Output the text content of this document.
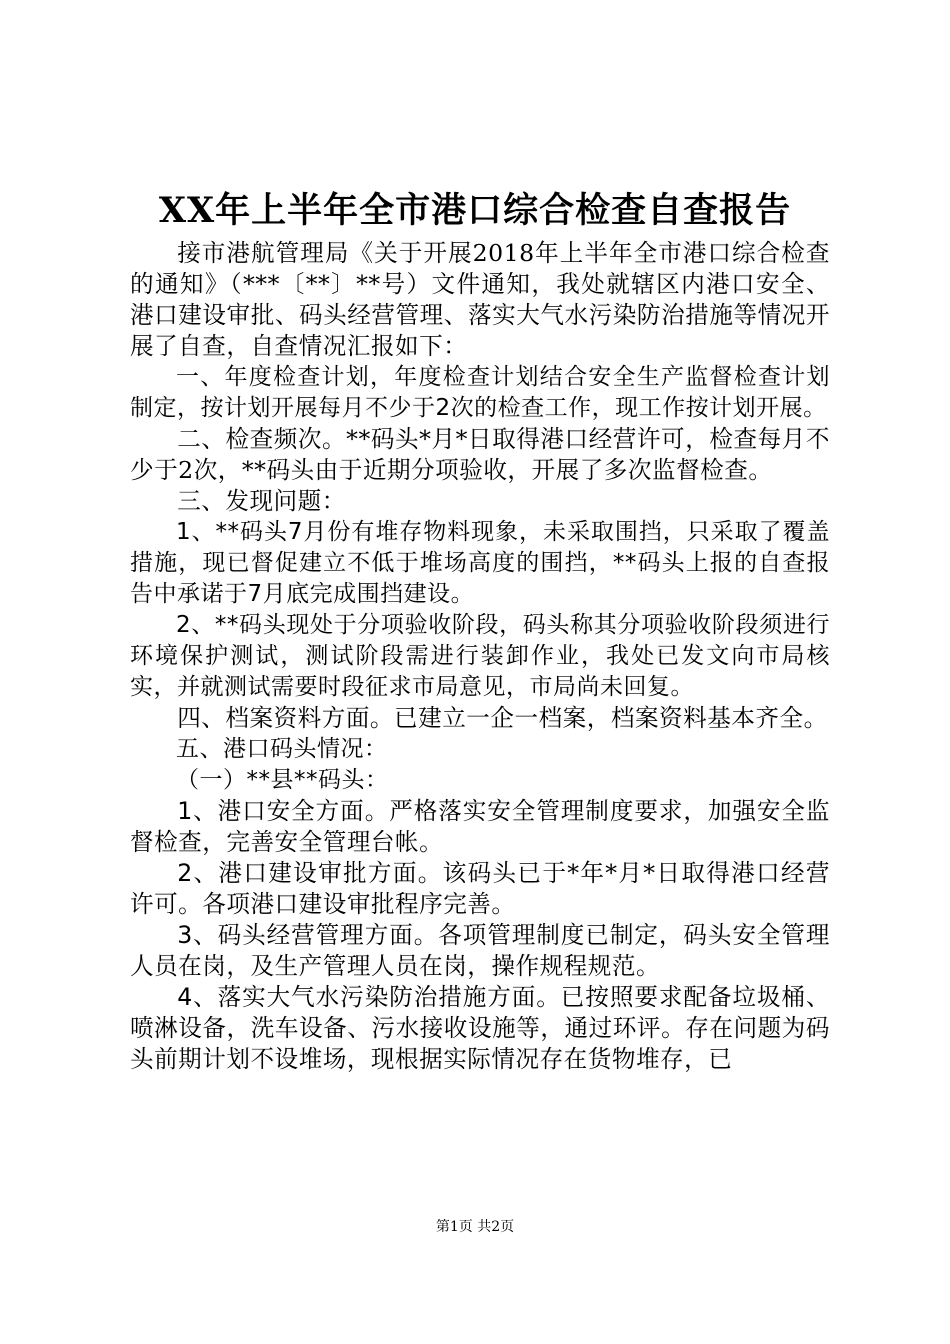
XX年上半年全市港口综合检查自查报告

接市港航管理局《关于开展2018年上半年全市港口综合检查的通知》（***〔**〕**号）文件通知，我处就辖区内港口安全、港口建设审批、码头经营管理、落实大气水污染防治措施等情况开展了自查，自查情况汇报如下：

一、年度检查计划，年度检查计划结合安全生产监督检查计划制定，按计划开展每月不少于2次的检查工作，现工作按计划开展。

二、检查频次。**码头*月*日取得港口经营许可，检查每月不少于2次，**码头由于近期分项验收，开展了多次监督检查。

三、发现问题：

1、**码头7月份有堆存物料现象，未采取围挡，只采取了覆盖措施，现已督促建立不低于堆场高度的围挡，**码头上报的自查报告中承诺于7月底完成围挡建设。

2、**码头现处于分项验收阶段，码头称其分项验收阶段须进行环境保护测试，测试阶段需进行装卸作业，我处已发文向市局核实，并就测试需要时段征求市局意见，市局尚未回复。

四、档案资料方面。已建立一企一档案，档案资料基本齐全。

五、港口码头情况：

（一）**县**码头：

1、港口安全方面。严格落实安全管理制度要求，加强安全监督检查，完善安全管理台帐。

2、港口建设审批方面。该码头已于*年*月*日取得港口经营许可。各项港口建设审批程序完善。

3、码头经营管理方面。各项管理制度已制定，码头安全管理人员在岗，及生产管理人员在岗，操作规程规范。

4、落实大气水污染防治措施方面。已按照要求配备垃圾桶、喷淋设备，洗车设备、污水接收设施等，通过环评。存在问题为码头前期计划不设堆场，现根据实际情况存在货物堆存，已

第1页 共2页
